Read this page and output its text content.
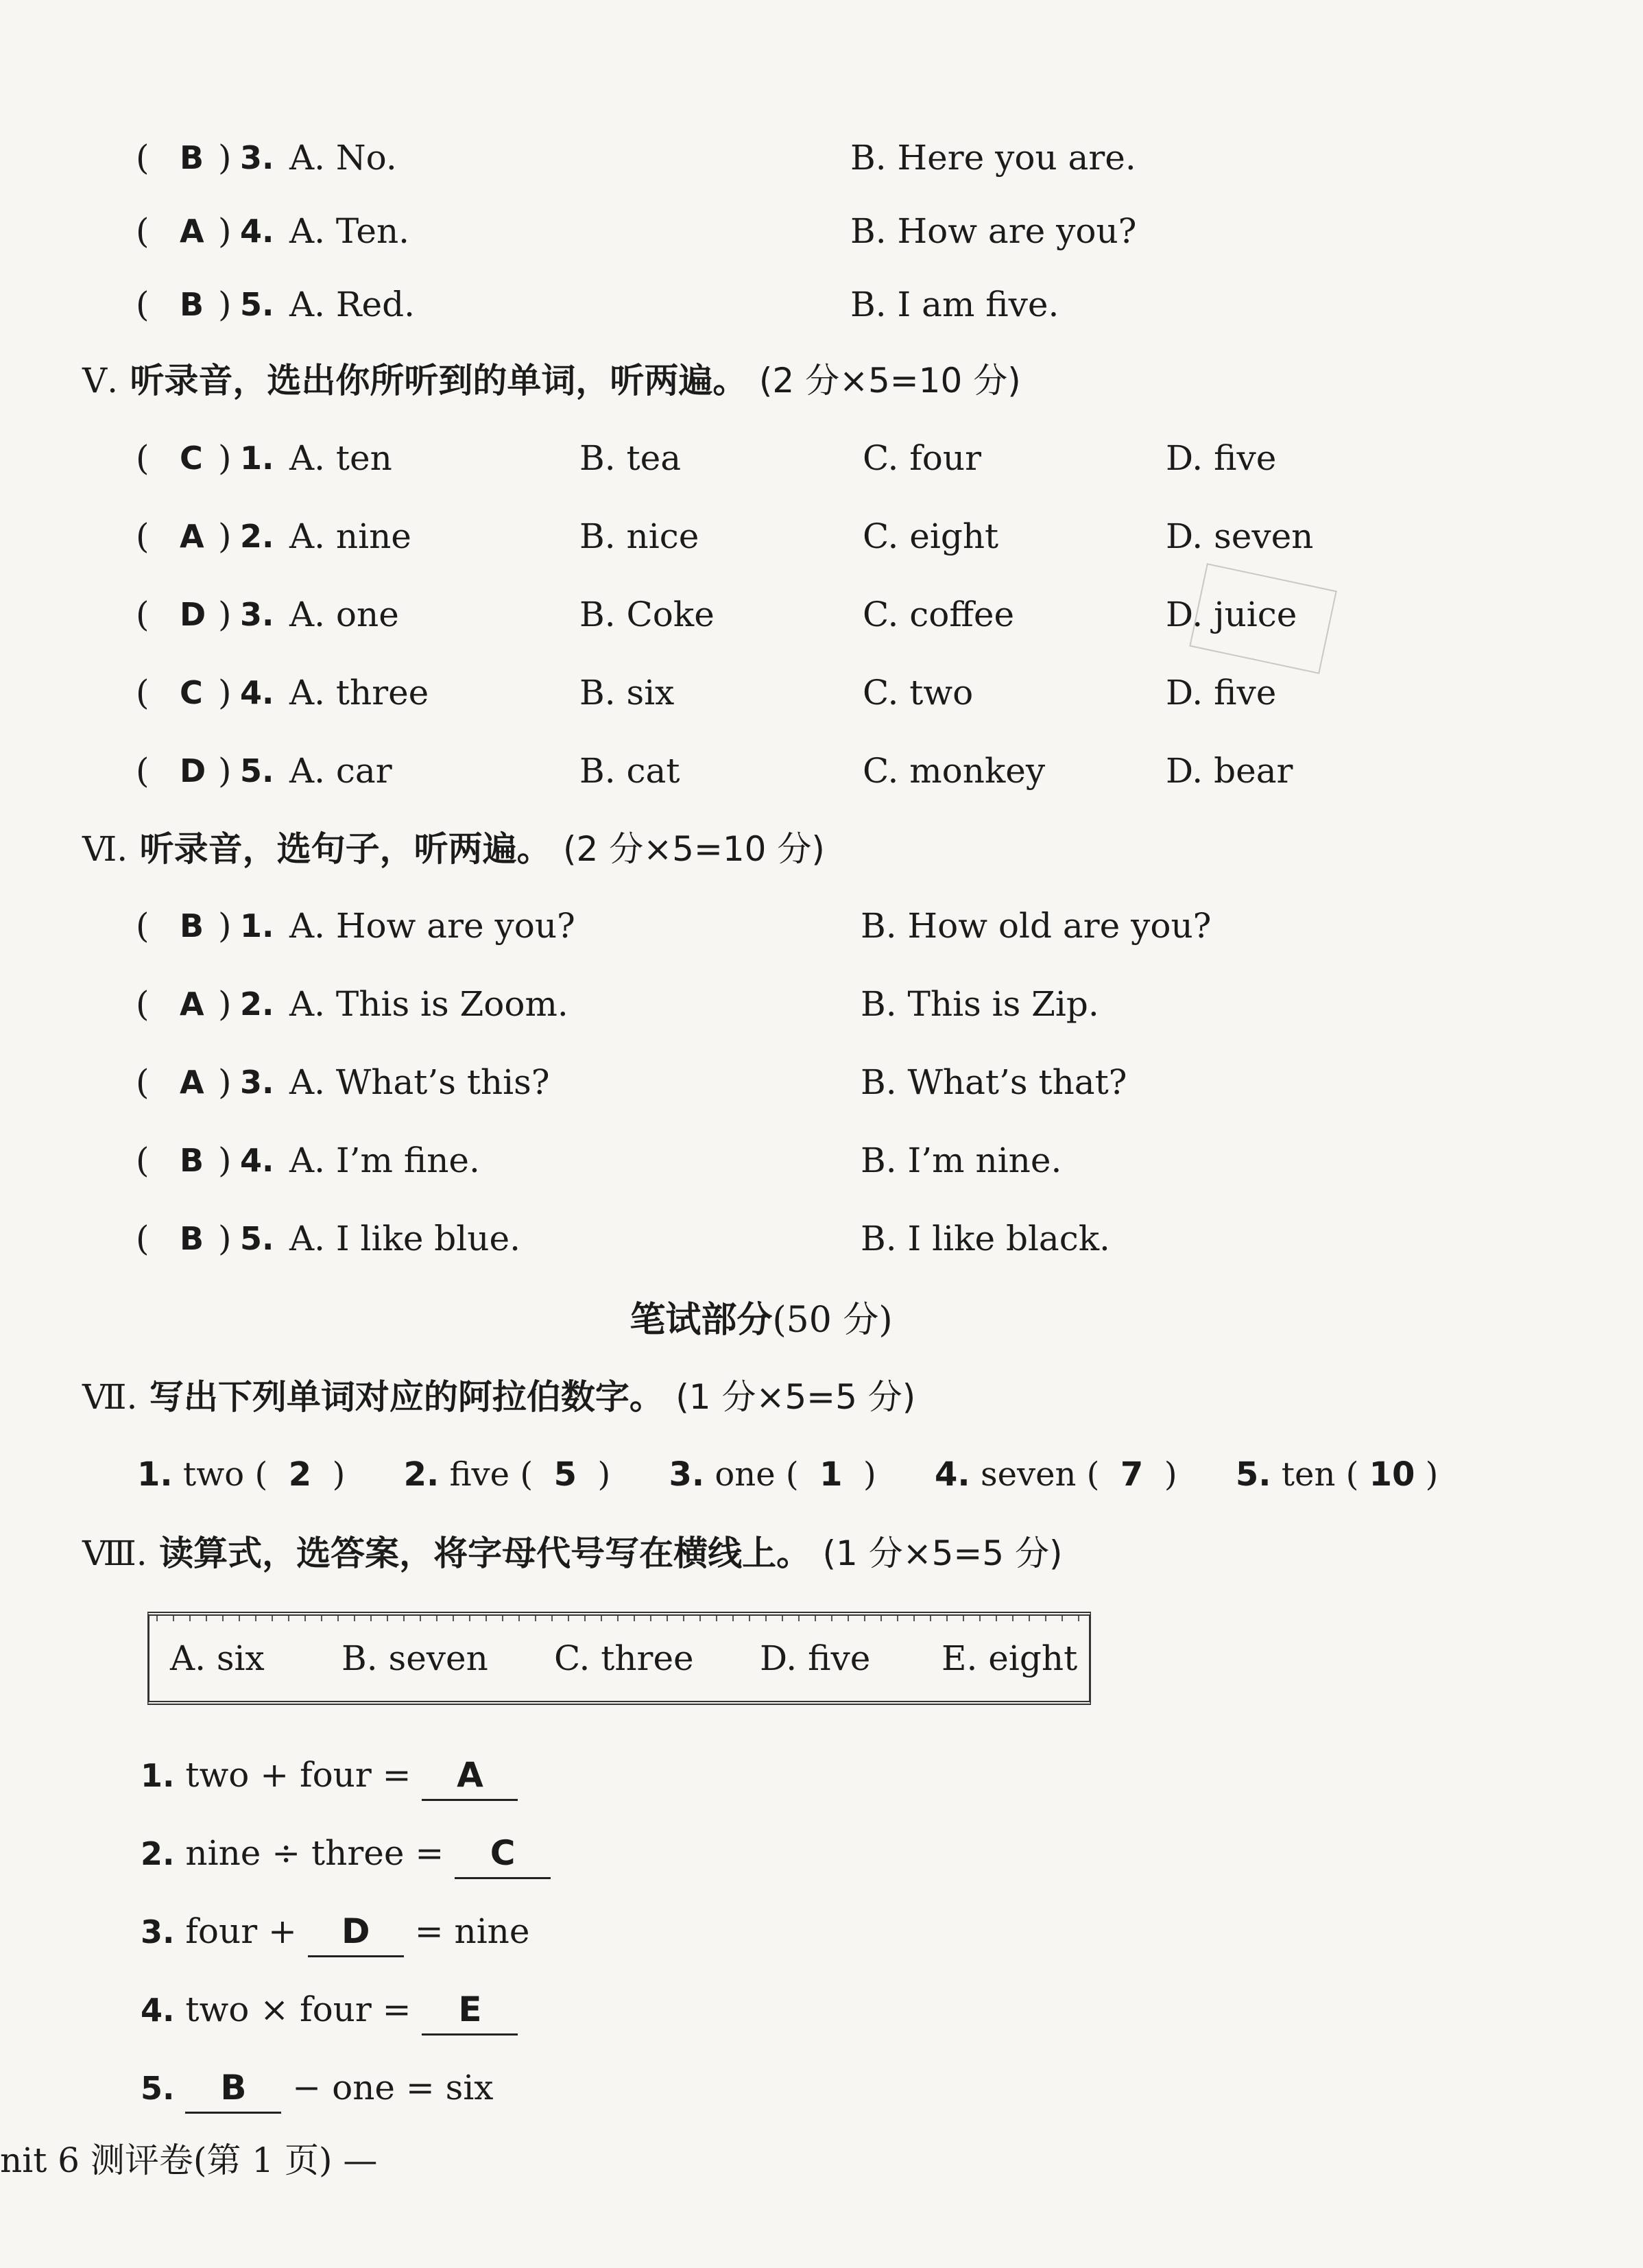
( B ) 3. A. No.	B. Here you are.
( A ) 4. A. Ten.	B. How are you?
( B ) 5. A. Red.	B. I am five.
Ⅴ. 听录音，选出你所听到的单词，听两遍。 (2 分×5=10 分)
( C ) 1. A. ten	B. tea	C. four	D. five
( A ) 2. A. nine	B. nice	C. eight	D. seven
( D ) 3. A. one	B. Coke	C. coffee	D. juice
( C ) 4. A. three	B. six	C. two	D. five
( D ) 5. A. car	B. cat	C. monkey	D. bear
Ⅵ. 听录音，选句子，听两遍。 (2 分×5=10 分)
( B ) 1. A. How are you?	B. How old are you?
( A ) 2. A. This is Zoom.	B. This is Zip.
( A ) 3. A. What’s this?	B. What’s that?
( B ) 4. A. I’m fine.	B. I’m nine.
( B ) 5. A. I like blue.	B. I like black.
笔试部分(50 分)
Ⅶ. 写出下列单词对应的阿拉伯数字。 (1 分×5=5 分)
1. two (  2  ) 2. five (  5  ) 3. one (  1  ) 4. seven (  7  ) 5. ten ( 10 )
Ⅷ. 读算式，选答案，将字母代号写在横线上。 (1 分×5=5 分)
A. six B. seven C. three D. five E. eight
1. two + four = A
2. nine ÷ three = C
3. four + D = nine
4. two × four = E
5. B − one = six
nit 6 测评卷(第 1 页) —
